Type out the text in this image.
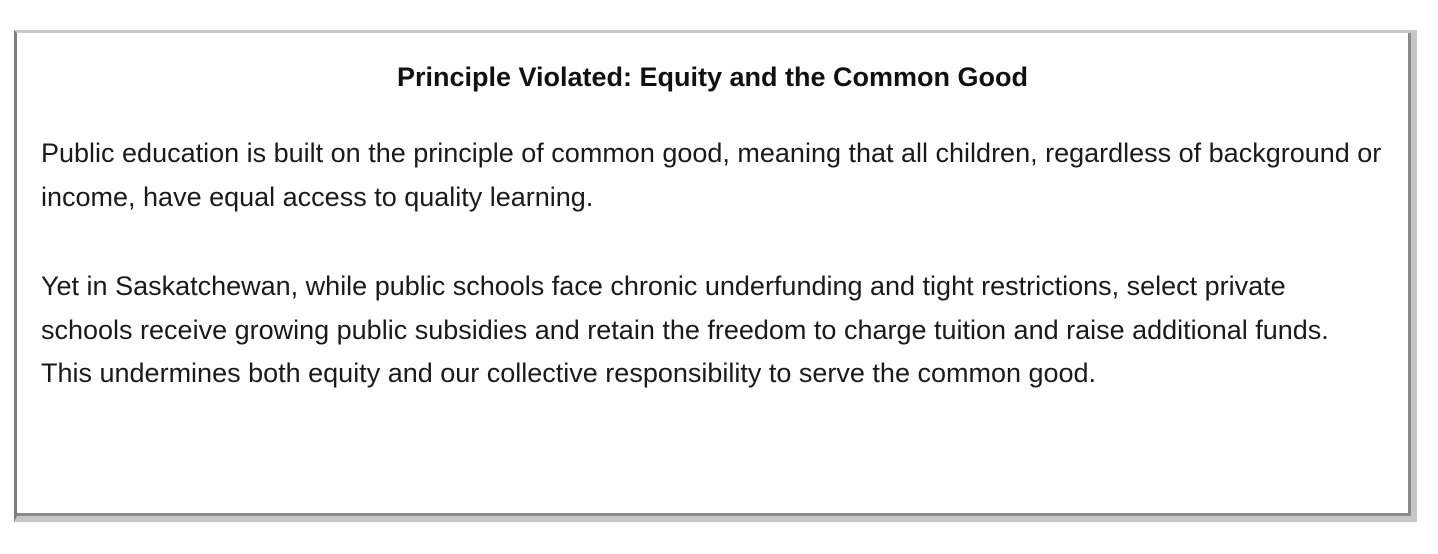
Principle Violated: Equity and the Common Good

Public education is built on the principle of common good, meaning that all children, regardless of background or income, have equal access to quality learning.

Yet in Saskatchewan, while public schools face chronic underfunding and tight restrictions, select private schools receive growing public subsidies and retain the freedom to charge tuition and raise additional funds. This undermines both equity and our collective responsibility to serve the common good.
